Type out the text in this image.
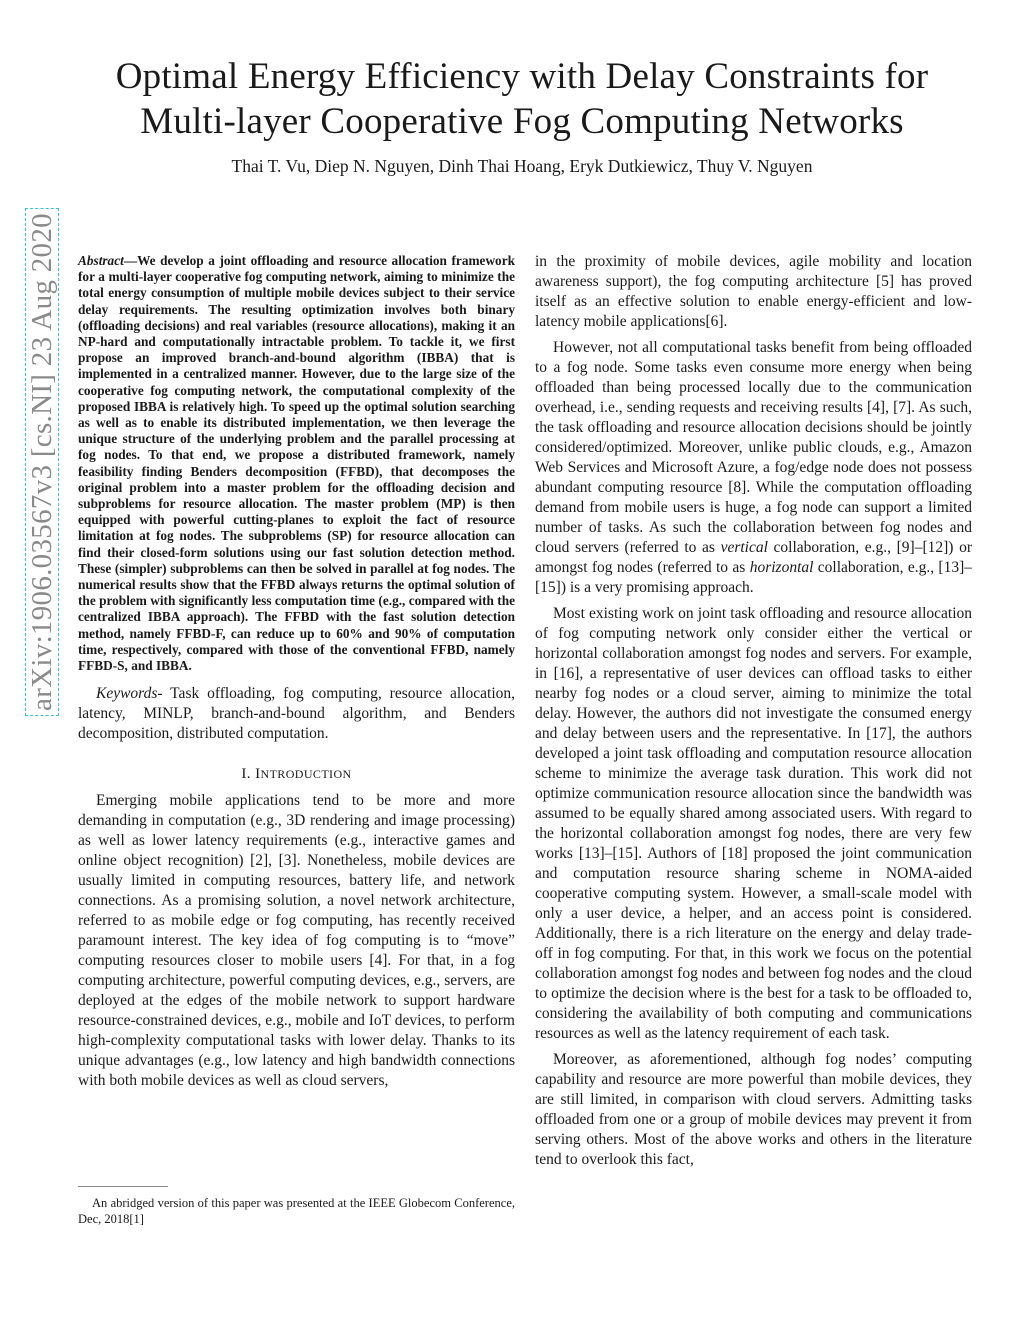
Optimal Energy Efficiency with Delay Constraints for
Multi-layer Cooperative Fog Computing Networks
Thai T. Vu, Diep N. Nguyen, Dinh Thai Hoang, Eryk Dutkiewicz, Thuy V. Nguyen
arXiv:1906.03567v3 [cs.NI] 23 Aug 2020 Abstract—We develop a joint offloading and resource allocation framework for a multi-layer cooperative fog computing network, aiming to minimize the total energy consumption of multiple mobile devices subject to their service delay requirements. The resulting optimization involves both binary (offloading decisions) and real variables (resource allocations), making it an NP-hard and computationally intractable problem. To tackle it, we first propose an improved branch-and-bound algorithm (IBBA) that is implemented in a centralized manner. However, due to the large size of the cooperative fog computing network, the computational complexity of the proposed IBBA is relatively high. To speed up the optimal solution searching as well as to enable its distributed implementation, we then leverage the unique structure of the underlying problem and the parallel processing at fog nodes. To that end, we propose a distributed framework, namely feasibility finding Benders decomposition (FFBD), that decomposes the original problem into a master problem for the offloading decision and subproblems for resource allocation. The master problem (MP) is then equipped with powerful cutting-planes to exploit the fact of resource limitation at fog nodes. The subproblems (SP) for resource allocation can find their closed-form solutions using our fast solution detection method. These (simpler) subproblems can then be solved in parallel at fog nodes. The numerical results show that the FFBD always returns the optimal solution of the problem with significantly less computation time (e.g., compared with the centralized IBBA approach). The FFBD with the fast solution detection method, namely FFBD-F, can reduce up to 60% and 90% of computation time, respectively, compared with those of the conventional FFBD, namely FFBD-S, and IBBA.
Keywords- Task offloading, fog computing, resource allocation, latency, MINLP, branch-and-bound algorithm, and Benders decomposition, distributed computation.
I. INTRODUCTION

Emerging mobile applications tend to be more and more demanding in computation (e.g., 3D rendering and image processing) as well as lower latency requirements (e.g., interactive games and online object recognition) [2], [3]. Nonetheless, mobile devices are usually limited in computing resources, battery life, and network connections. As a promising solution, a novel network architecture, referred to as mobile edge or fog computing, has recently received paramount interest. The key idea of fog computing is to “move” computing resources closer to mobile users [4]. For that, in a fog computing architecture, powerful computing devices, e.g., servers, are deployed at the edges of the mobile network to support hardware resource-constrained devices, e.g., mobile and IoT devices, to perform high-complexity computational tasks with lower delay. Thanks to its unique advantages (e.g., low latency and high bandwidth connections with both mobile devices as well as cloud servers,

An abridged version of this paper was presented at the IEEE Globecom Conference, Dec, 2018[1]

in the proximity of mobile devices, agile mobility and location awareness support), the fog computing architecture [5] has proved itself as an effective solution to enable energy-efficient and low-latency mobile applications[6].

However, not all computational tasks benefit from being offloaded to a fog node. Some tasks even consume more energy when being offloaded than being processed locally due to the communication overhead, i.e., sending requests and receiving results [4], [7]. As such, the task offloading and resource allocation decisions should be jointly considered/optimized. Moreover, unlike public clouds, e.g., Amazon Web Services and Microsoft Azure, a fog/edge node does not possess abundant computing resource [8]. While the computation offloading demand from mobile users is huge, a fog node can support a limited number of tasks. As such the collaboration between fog nodes and cloud servers (referred to as vertical collaboration, e.g., [9]–[12]) or amongst fog nodes (referred to as horizontal collaboration, e.g., [13]–[15]) is a very promising approach.

Most existing work on joint task offloading and resource allocation of fog computing network only consider either the vertical or horizontal collaboration amongst fog nodes and servers. For example, in [16], a representative of user devices can offload tasks to either nearby fog nodes or a cloud server, aiming to minimize the total delay. However, the authors did not investigate the consumed energy and delay between users and the representative. In [17], the authors developed a joint task offloading and computation resource allocation scheme to minimize the average task duration. This work did not optimize communication resource allocation since the bandwidth was assumed to be equally shared among associated users. With regard to the horizontal collaboration amongst fog nodes, there are very few works [13]–[15]. Authors of [18] proposed the joint communication and computation resource sharing scheme in NOMA-aided cooperative computing system. However, a small-scale model with only a user device, a helper, and an access point is considered. Additionally, there is a rich literature on the energy and delay trade-off in fog computing. For that, in this work we focus on the potential collaboration amongst fog nodes and between fog nodes and the cloud to optimize the decision where is the best for a task to be offloaded to, considering the availability of both computing and communications resources as well as the latency requirement of each task.

Moreover, as aforementioned, although fog nodes’ computing capability and resource are more powerful than mobile devices, they are still limited, in comparison with cloud servers. Admitting tasks offloaded from one or a group of mobile devices may prevent it from serving others. Most of the above works and others in the literature tend to overlook this fact,
